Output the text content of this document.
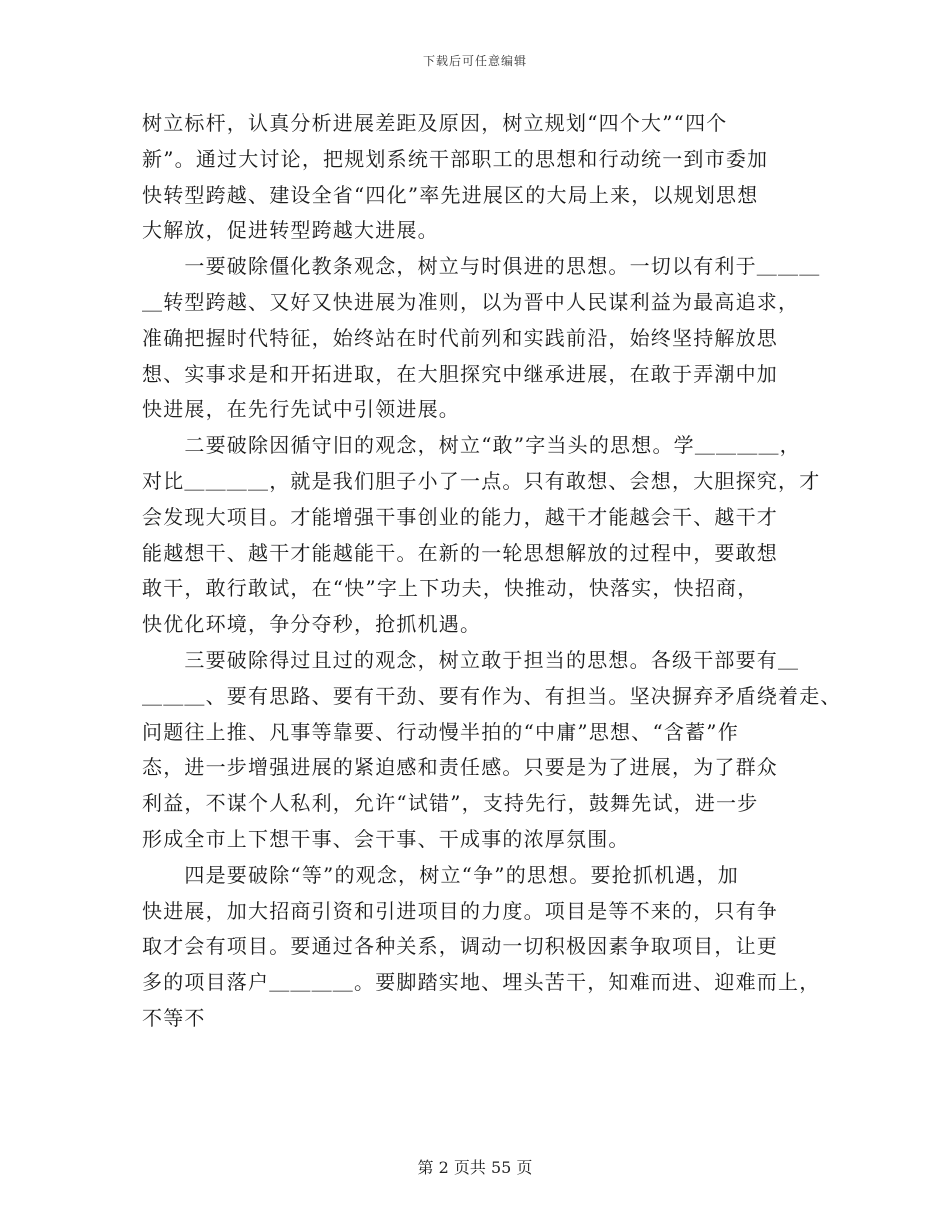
下载后可任意编辑
树立标杆，认真分析进展差距及原因，树立规划“四个大”“四个
新”。通过大讨论，把规划系统干部职工的思想和行动统一到市委加
快转型跨越、建设全省“四化”率先进展区的大局上来，以规划思想
大解放，促进转型跨越大进展。
　　一要破除僵化教条观念，树立与时俱进的思想。一切以有利于＿＿＿
＿转型跨越、又好又快进展为准则，以为晋中人民谋利益为最高追求，
准确把握时代特征，始终站在时代前列和实践前沿，始终坚持解放思
想、实事求是和开拓进取，在大胆探究中继承进展，在敢于弄潮中加
快进展，在先行先试中引领进展。
　　二要破除因循守旧的观念，树立“敢”字当头的思想。学＿＿＿＿，
对比＿＿＿＿，就是我们胆子小了一点。只有敢想、会想，大胆探究，才
会发现大项目。才能增强干事创业的能力，越干才能越会干、越干才
能越想干、越干才能越能干。在新的一轮思想解放的过程中，要敢想
敢干，敢行敢试，在“快”字上下功夫，快推动，快落实，快招商，
快优化环境，争分夺秒，抢抓机遇。
　　三要破除得过且过的观念，树立敢于担当的思想。各级干部要有＿
＿＿＿、要有思路、要有干劲、要有作为、有担当。坚决摒弃矛盾绕着走、
问题往上推、凡事等靠要、行动慢半拍的“中庸”思想、“含蓄”作
态，进一步增强进展的紧迫感和责任感。只要是为了进展，为了群众
利益，不谋个人私利，允许“试错”，支持先行，鼓舞先试，进一步
形成全市上下想干事、会干事、干成事的浓厚氛围。
　　四是要破除“等”的观念，树立“争”的思想。要抢抓机遇，加
快进展，加大招商引资和引进项目的力度。项目是等不来的，只有争
取才会有项目。要通过各种关系，调动一切积极因素争取项目，让更
多的项目落户＿＿＿＿。要脚踏实地、埋头苦干，知难而进、迎难而上，
不等不
第 2 页共 55 页
